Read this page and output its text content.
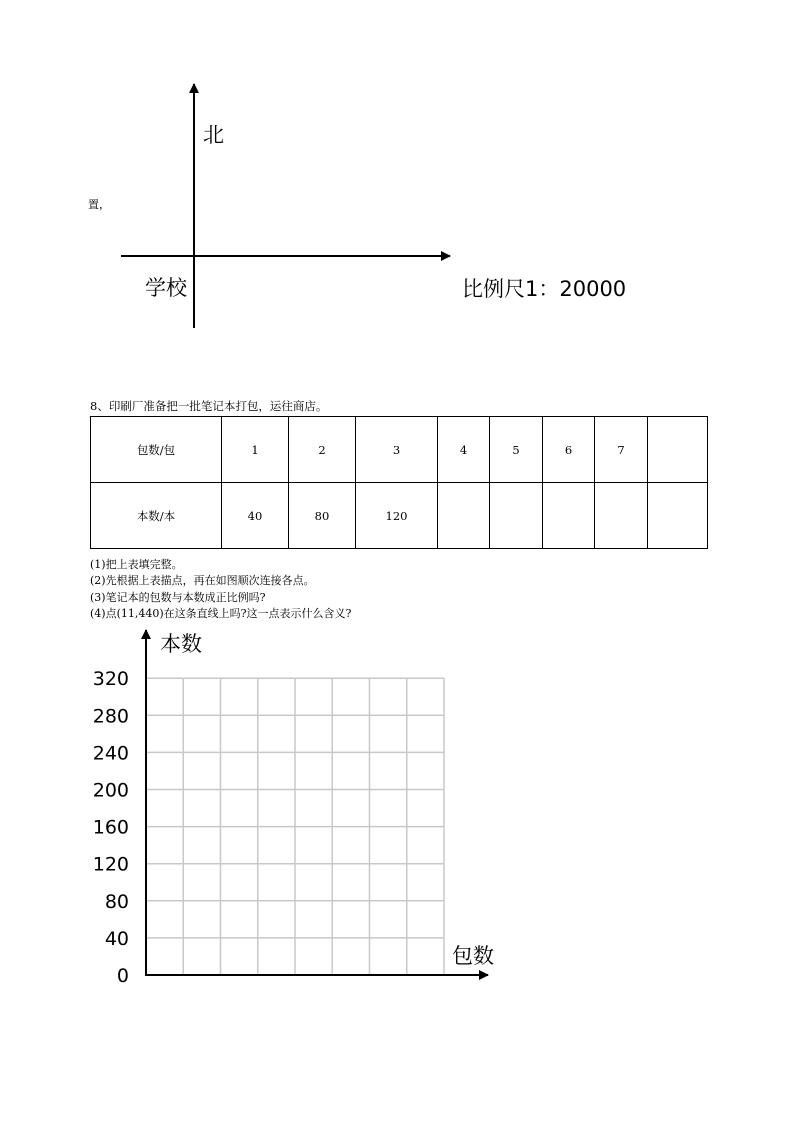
置，
北
学校	比例尺1：20000
8、印刷厂准备把一批笔记本打包，运往商店。
包数/包	1	2	3	4	5	6	7	
本数/本	40	80	120					
(1)把上表填完整。
(2)先根据上表描点，再在如图顺次连接各点。
(3)笔记本的包数与本数成正比例吗?
(4)点(11,440)在这条直线上吗?这一点表示什么含义?
320
280
240
200
160
120
80
40
0
本数
包数
